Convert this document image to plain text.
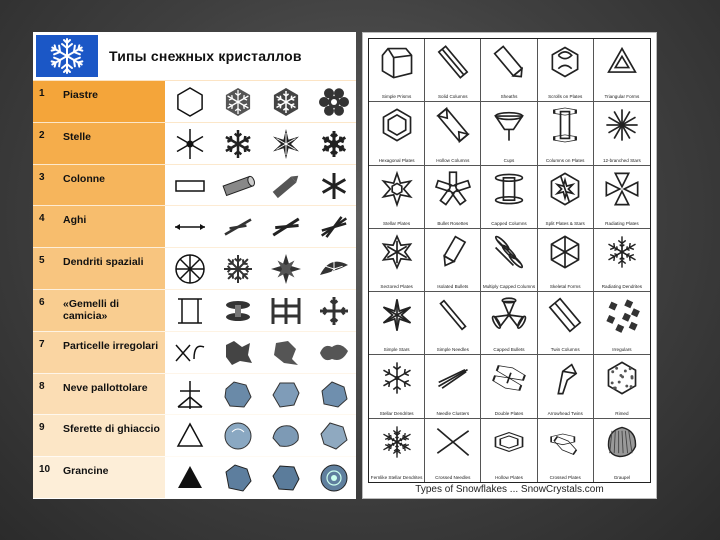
Типы снежных кристаллов
1 Piastre
2 Stelle
3 Colonne
4 Aghi
5 Dendriti spaziali
6 «Gemelli di camicia»
7 Particelle irregolari
8 Neve pallottolare
9 Sferette di ghiaccio
10 Grancine
Simple Prisms	Solid Columns	Sheaths	Scrolls on Plates	Triangular Forms
Hexagonal Plates	Hollow Columns	Cups	Columns on Plates	12-branched Stars
Stellar Plates	Bullet Rosettes	Capped Columns	Split Plates & Stars	Radiating Plates
Sectored Plates	Isolated Bullets	Multiply Capped Columns	Skeletal Forms	Radiating Dendrites
Simple Stars	Simple Needles	Capped Bullets	Twin Columns	Irregulars
Stellar Dendrites	Needle Clusters	Double Plates	Arrowhead Twins	Rimed
Fernlike Stellar Dendrites	Crossed Needles	Hollow Plates	Crossed Plates	Graupel
Types of Snowflakes ... SnowCrystals.com
